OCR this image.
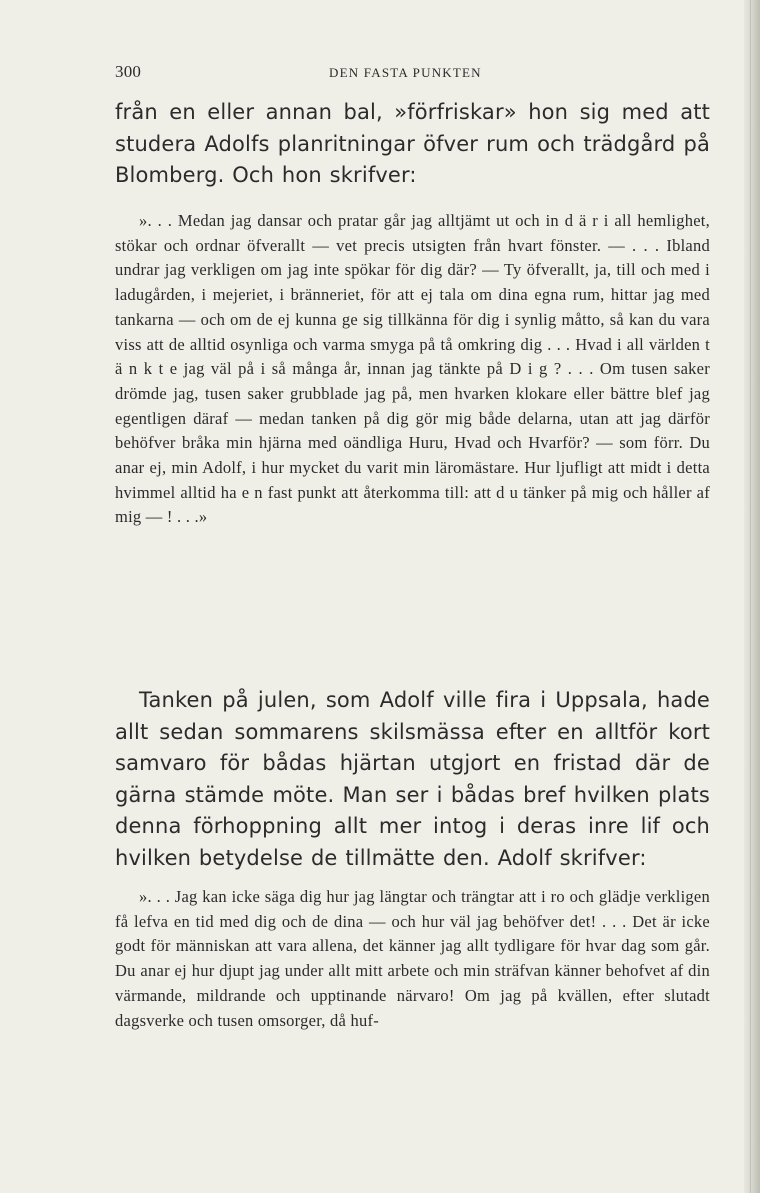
300	DEN FASTA PUNKTEN

från en eller annan bal, »förfriskar» hon sig med att studera Adolfs planritningar öfver rum och trädgård på Blomberg. Och hon skrifver:

». . . Medan jag dansar och pratar går jag alltjämt ut och in d ä r i all hemlighet, stökar och ordnar öfverallt — vet precis utsigten från hvart fönster. — . . . Ibland undrar jag verkligen om jag inte spökar för dig där? — Ty öfverallt, ja, till och med i ladugården, i mejeriet, i bränneriet, för att ej tala om dina egna rum, hittar jag med tankarna — och om de ej kunna ge sig tillkänna för dig i synlig måtto, så kan du vara viss att de alltid osynliga och varma smyga på tå omkring dig . . . Hvad i all världen t ä n k t e jag väl på i så många år, innan jag tänkte på D i g ? . . . Om tusen saker drömde jag, tusen saker grubblade jag på, men hvarken klokare eller bättre blef jag egentligen däraf — medan tanken på dig gör mig både delarna, utan att jag därför behöfver bråka min hjärna med oändliga Huru, Hvad och Hvarför? — som förr. Du anar ej, min Adolf, i hur mycket du varit min läromästare. Hur ljufligt att midt i detta hvimmel alltid ha e n fast punkt att återkomma till: att d u tänker på mig och håller af mig — ! . . .»

Tanken på julen, som Adolf ville fira i Uppsala, hade allt sedan sommarens skilsmässa efter en alltför kort samvaro för bådas hjärtan utgjort en fristad där de gärna stämde möte. Man ser i bådas bref hvilken plats denna förhoppning allt mer intog i deras inre lif och hvilken betydelse de tillmätte den. Adolf skrifver:

». . . Jag kan icke säga dig hur jag längtar och trängtar att i ro och glädje verkligen få lefva en tid med dig och de dina — och hur väl jag behöfver det! . . . Det är icke godt för människan att vara allena, det känner jag allt tydligare för hvar dag som går. Du anar ej hur djupt jag under allt mitt arbete och min sträfvan känner behofvet af din värmande, mildrande och upptinande närvaro! Om jag på kvällen, efter slutadt dagsverke och tusen omsorger, då huf-
